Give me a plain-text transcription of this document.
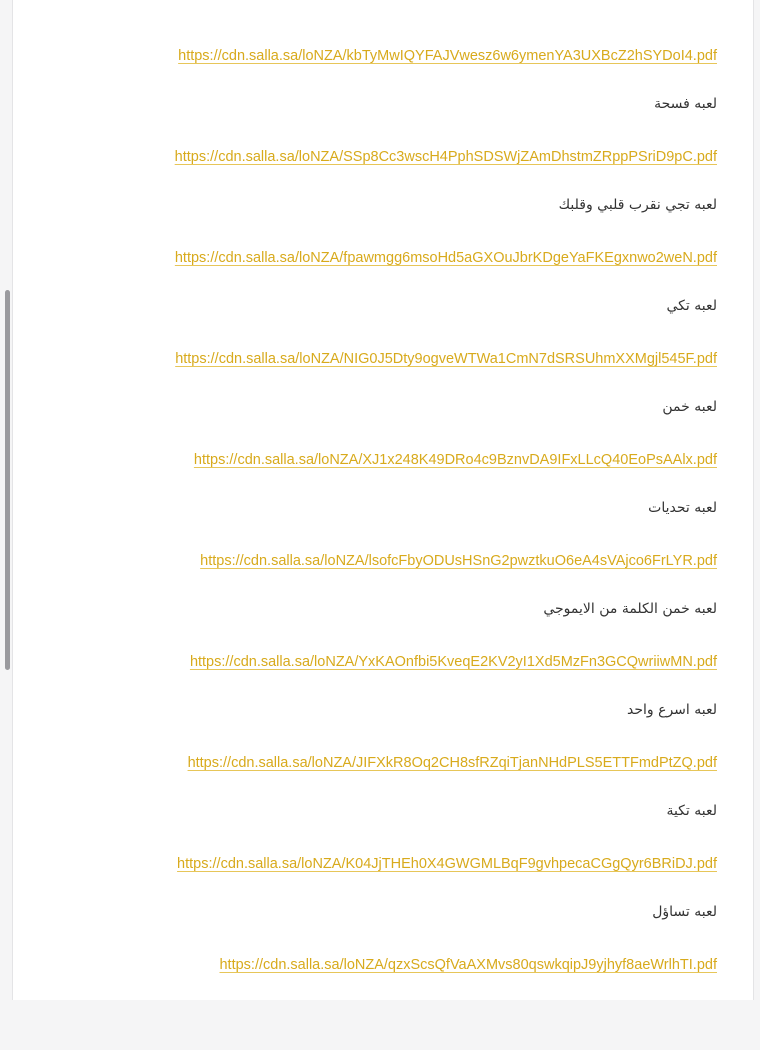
https://cdn.salla.sa/loNZA/kbTyMwIQYFAJVwesz6w6ymenYA3UXBcZ2hSYDoI4.pdf
لعبه فسحة
https://cdn.salla.sa/loNZA/SSp8Cc3wscH4PphSDSWjZAmDhstmZRppPSriD9pC.pdf
لعبه تجي نقرب قلبي وقلبك
https://cdn.salla.sa/loNZA/fpawmgg6msoHd5aGXOuJbrKDgeYaFKEgxnwo2weN.pdf
لعبه تكي
https://cdn.salla.sa/loNZA/NIG0J5Dty9ogveWTWa1CmN7dSRSUhmXXMgjl545F.pdf
لعبه خمن
https://cdn.salla.sa/loNZA/XJ1x248K49DRo4c9BznvDA9IFxLLcQ40EoPsAAlx.pdf
لعبه تحديات
https://cdn.salla.sa/loNZA/lsofcFbyODUsHSnG2pwztkuO6eA4sVAjco6FrLYR.pdf
لعبه خمن الكلمة من الايموجي
https://cdn.salla.sa/loNZA/YxKAOnfbi5KveqE2KV2yI1Xd5MzFn3GCQwriiwMN.pdf
لعبه اسرع واحد
https://cdn.salla.sa/loNZA/JIFXkR8Oq2CH8sfRZqiTjanNHdPLS5ETTFmdPtZQ.pdf
لعبه تكية
https://cdn.salla.sa/loNZA/K04JjTHEh0X4GWGMLBqF9gvhpecaCGgQyr6BRiDJ.pdf
لعبه تساؤل
https://cdn.salla.sa/loNZA/qzxScsQfVaAXMvs80qswkqipJ9yjhyf8aeWrlhTI.pdf
